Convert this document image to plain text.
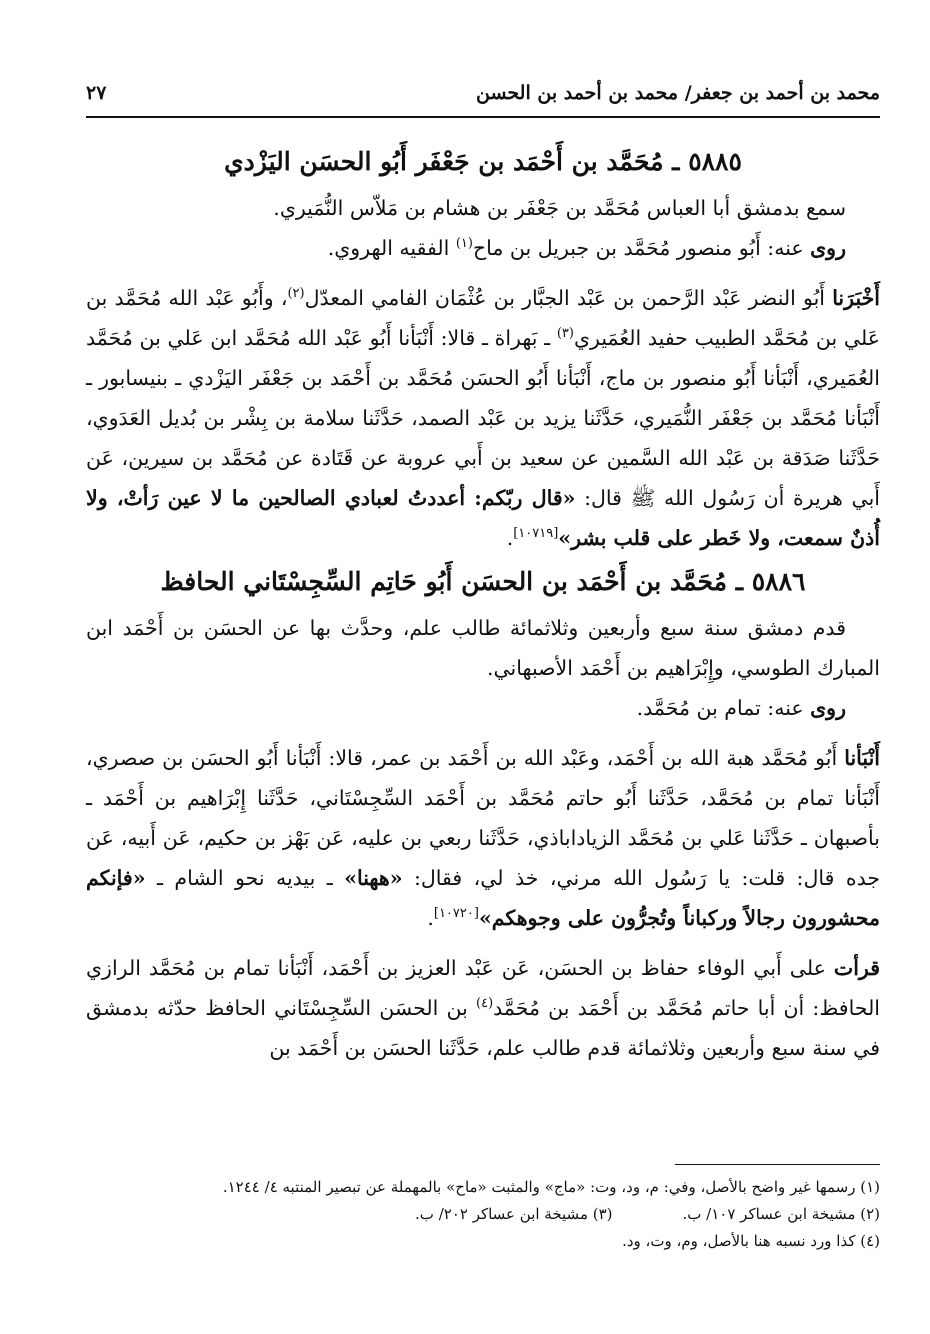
محمد بن أحمد بن جعفر/ محمد بن أحمد بن الحسن
٢٧
٥٨٨٥ ـ مُحَمَّد بن أَحْمَد بن جَعْفَر أَبُو الحسَن اليَزْدي

سمع بدمشق أبا العباس مُحَمَّد بن جَعْفَر بن هشام بن مَلاّس النُّمَيري.

روى عنه: أَبُو منصور مُحَمَّد بن جبريل بن ماح$^{(١)}$ الفقيه الهروي.

أَخْبَرَنا أَبُو النضر عَبْد الرَّحمن بن عَبْد الجبَّار بن عُثْمَان الفامي المعدّل$^{(٢)}$، وأَبُو عَبْد الله مُحَمَّد بن عَلي بن مُحَمَّد الطبيب حفيد العُمَيري$^{(٣)}$ ـ بَهراة ـ قالا: أَنْبَأنا أَبُو عَبْد الله مُحَمَّد ابن عَلي بن مُحَمَّد العُمَيري، أَنْبَأنا أَبُو منصور بن ماج، أَنْبَأنا أَبُو الحسَن مُحَمَّد بن أَحْمَد بن جَعْفَر اليَزْدي ـ بنيسابور ـ أَنْبَأنا مُحَمَّد بن جَعْفَر النُّمَيري، حَدَّثَنا يزيد بن عَبْد الصمد، حَدَّثَنا سلامة بن بِشْر بن بُديل العَدَوي، حَدَّثَنا صَدَقة بن عَبْد الله السَّمين عن سعيد بن أَبي عروبة عن قَتَادة عن مُحَمَّد بن سيرين، عَن أَبي هريرة أن رَسُول الله ﷺ قال: «قال ربّكم: أعددتُ لعبادي الصالحين ما لا عين رَأتْ، ولا أُذنٌ سمعت، ولا خَطر على قلب بشر»[١٠٧١٩].

٥٨٨٦ ـ مُحَمَّد بن أَحْمَد بن الحسَن أَبُو حَاتِم السِّجِسْتَاني الحافظ

قدم دمشق سنة سبع وأربعين وثلاثمائة طالب علم، وحدَّث بها عن الحسَن بن أَحْمَد ابن المبارك الطوسي، وإِبْرَاهيم بن أَحْمَد الأصبهاني.

روى عنه: تمام بن مُحَمَّد.

أَنْبَأنا أَبُو مُحَمَّد هبة الله بن أَحْمَد، وعَبْد الله بن أَحْمَد بن عمر، قالا: أَنْبَأنا أَبُو الحسَن بن صصري، أَنْبَأنا تمام بن مُحَمَّد، حَدَّثَنا أَبُو حاتم مُحَمَّد بن أَحْمَد السِّجِسْتَاني، حَدَّثَنا إِبْرَاهيم بن أَحْمَد ـ بأصبهان ـ حَدَّثَنا عَلي بن مُحَمَّد الزياداباذي، حَدَّثَنا ربعي بن عليه، عَن بَهْز بن حكيم، عَن أَبيه، عَن جده قال: قلت: يا رَسُول الله مرني، خذ لي، فقال: «ههنا» ـ بيديه نحو الشام ـ «فإنكم محشورون رجالاً وركباناً وتُجرُّون على وجوهكم»[١٠٧٢٠].

قرأت على أَبي الوفاء حفاظ بن الحسَن، عَن عَبْد العزيز بن أَحْمَد، أَنْبَأنا تمام بن مُحَمَّد الرازي الحافظ: أن أبا حاتم مُحَمَّد بن أَحْمَد بن مُحَمَّد$^{(٤)}$ بن الحسَن السِّجِسْتَاني الحافظ حدّثه بدمشق في سنة سبع وأربعين وثلاثمائة قدم طالب علم، حَدَّثَنا الحسَن بن أَحْمَد بن

(١) رسمها غير واضح بالأصل، وفي: م، ود، وت: «ماج» والمثبت «ماح» بالمهملة عن تبصير المنتبه ٤/ ١٢٤٤.

(٢) مشيخة ابن عساكر ١٠٧/ ب.
(٣) مشيخة ابن عساكر ٢٠٢/ ب.

(٤) كذا ورد نسبه هنا بالأصل، وم، وت، ود.
